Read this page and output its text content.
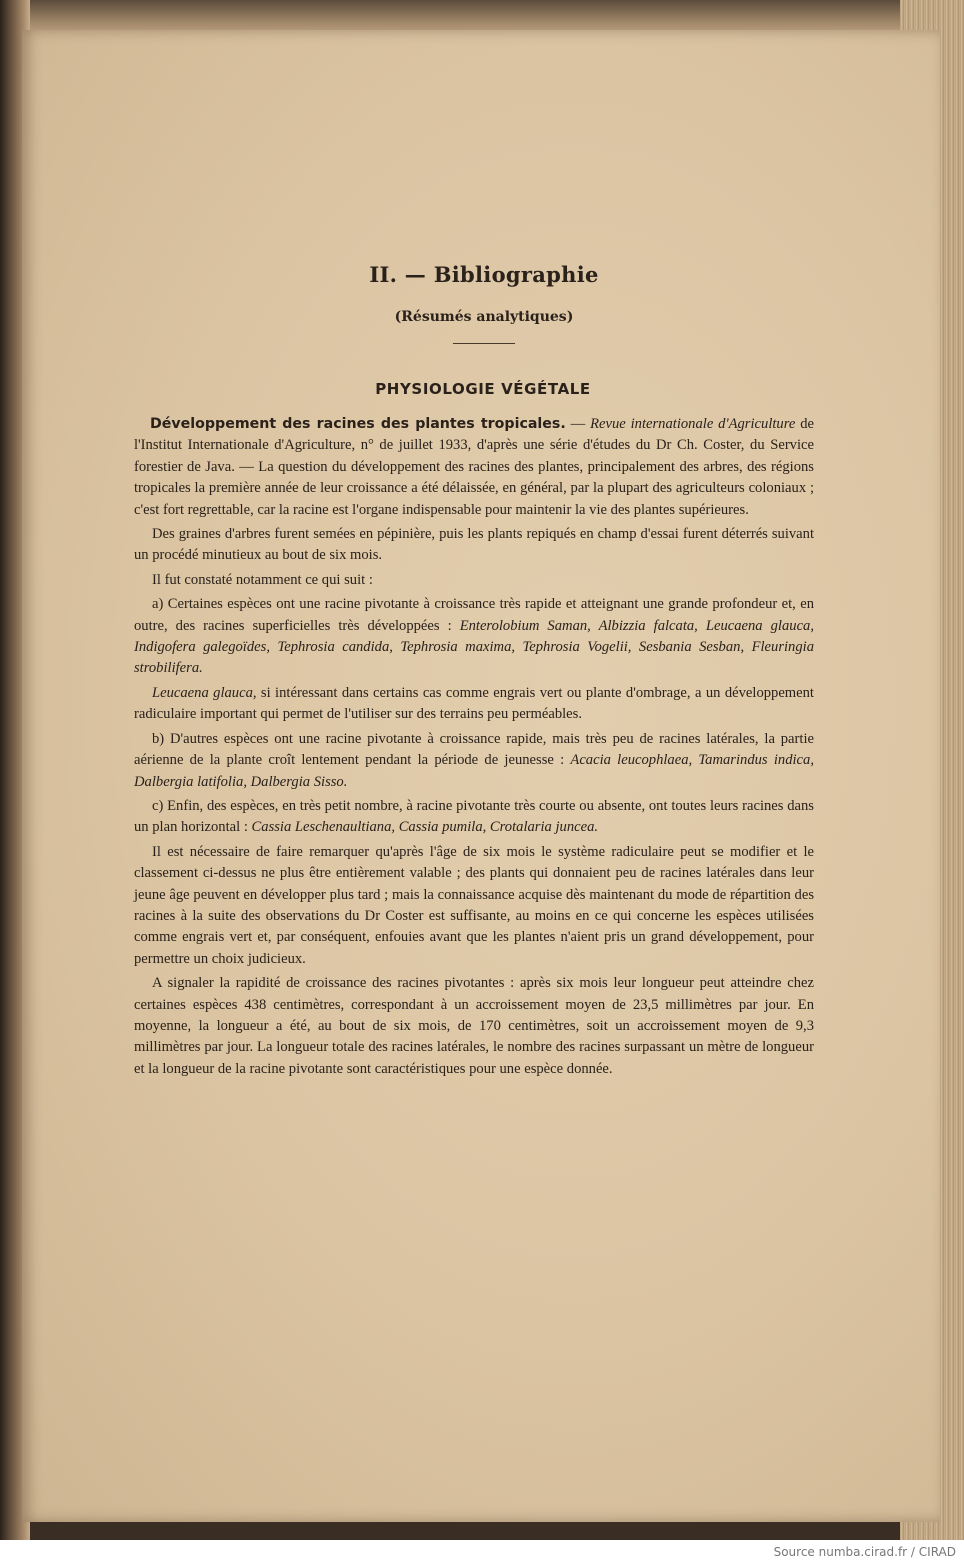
II. — Bibliographie
(Résumés analytiques)
PHYSIOLOGIE VÉGÉTALE

Développement des racines des plantes tropicales. — Revue internationale d'Agriculture de l'Institut Internationale d'Agriculture, n° de juillet 1933, d'après une série d'études du Dr Ch. Coster, du Service forestier de Java. — La question du développement des racines des plantes, principalement des arbres, des régions tropicales la première année de leur croissance a été délaissée, en général, par la plupart des agriculteurs coloniaux ; c'est fort regrettable, car la racine est l'organe indispensable pour maintenir la vie des plantes supérieures.

Des graines d'arbres furent semées en pépinière, puis les plants repiqués en champ d'essai furent déterrés suivant un procédé minutieux au bout de six mois.

Il fut constaté notamment ce qui suit :

a) Certaines espèces ont une racine pivotante à croissance très rapide et atteignant une grande profondeur et, en outre, des racines superficielles très développées : Enterolobium Saman, Albizzia falcata, Leucaena glauca, Indigofera galegoïdes, Tephrosia candida, Tephrosia maxima, Tephrosia Vogelii, Sesbania Sesban, Fleuringia strobilifera.

Leucaena glauca, si intéressant dans certains cas comme engrais vert ou plante d'ombrage, a un développement radiculaire important qui permet de l'utiliser sur des terrains peu perméables.

b) D'autres espèces ont une racine pivotante à croissance rapide, mais très peu de racines latérales, la partie aérienne de la plante croît lentement pendant la période de jeunesse : Acacia leucophlaea, Tamarindus indica, Dalbergia latifolia, Dalbergia Sisso.

c) Enfin, des espèces, en très petit nombre, à racine pivotante très courte ou absente, ont toutes leurs racines dans un plan horizontal : Cassia Leschenaultiana, Cassia pumila, Crotalaria juncea.

Il est nécessaire de faire remarquer qu'après l'âge de six mois le système radiculaire peut se modifier et le classement ci-dessus ne plus être entièrement valable ; des plants qui donnaient peu de racines latérales dans leur jeune âge peuvent en développer plus tard ; mais la connaissance acquise dès maintenant du mode de répartition des racines à la suite des observations du Dr Coster est suffisante, au moins en ce qui concerne les espèces utilisées comme engrais vert et, par conséquent, enfouies avant que les plantes n'aient pris un grand développement, pour permettre un choix judicieux.

A signaler la rapidité de croissance des racines pivotantes : après six mois leur longueur peut atteindre chez certaines espèces 438 centimètres, correspondant à un accroissement moyen de 23,5 millimètres par jour. En moyenne, la longueur a été, au bout de six mois, de 170 centimètres, soit un accroissement moyen de 9,3 millimètres par jour. La longueur totale des racines latérales, le nombre des racines surpassant un mètre de longueur et la longueur de la racine pivotante sont caractéristiques pour une espèce donnée.

Source numba.cirad.fr / CIRAD
